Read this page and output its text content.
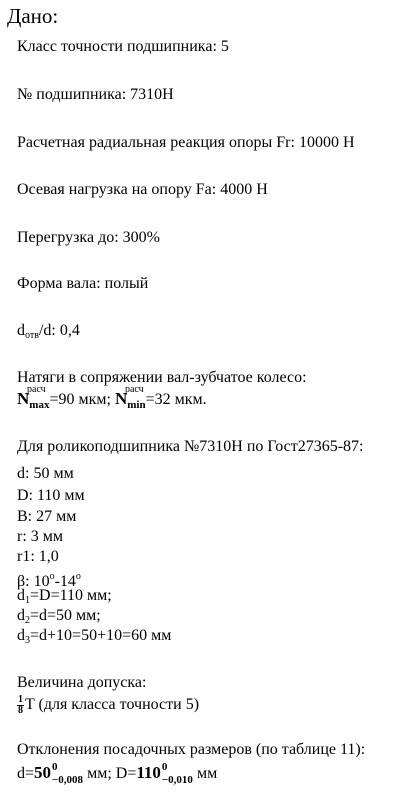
Дано:
Класс точности подшипника: 5
№ подшипника: 7310Н
Расчетная радиальная реакция опоры Fr: 10000 Н
Осевая нагрузка на опору Fa: 4000 Н
Перегрузка до: 300%
Форма вала: полый
$d_{отв}/d$: 0,4
Натяги в сопряжении вал-зубчатое колесо:
N
расч
$_{max}$=90 мкм; N
расч
$_{min}$=32 мкм.
Для роликоподшипника №7310Н по Гост27365-87:
d: 50 мм
D: 110 мм
B: 27 мм
r: 3 мм
r1: 1,0
β: 10$^o$-14$^o$
$d_1=D=110$ мм;
$d_2=d=50$ мм;
$d_3=d+10=50+10=60$ мм
Величина допуска:
$\frac{1}{8}$ T (для класса точности 5)
Отклонения посадочных размеров (по таблице 11):
d=50 0
$_{-0,008}$ мм; D=110 0
$_{-0,010}$ мм
